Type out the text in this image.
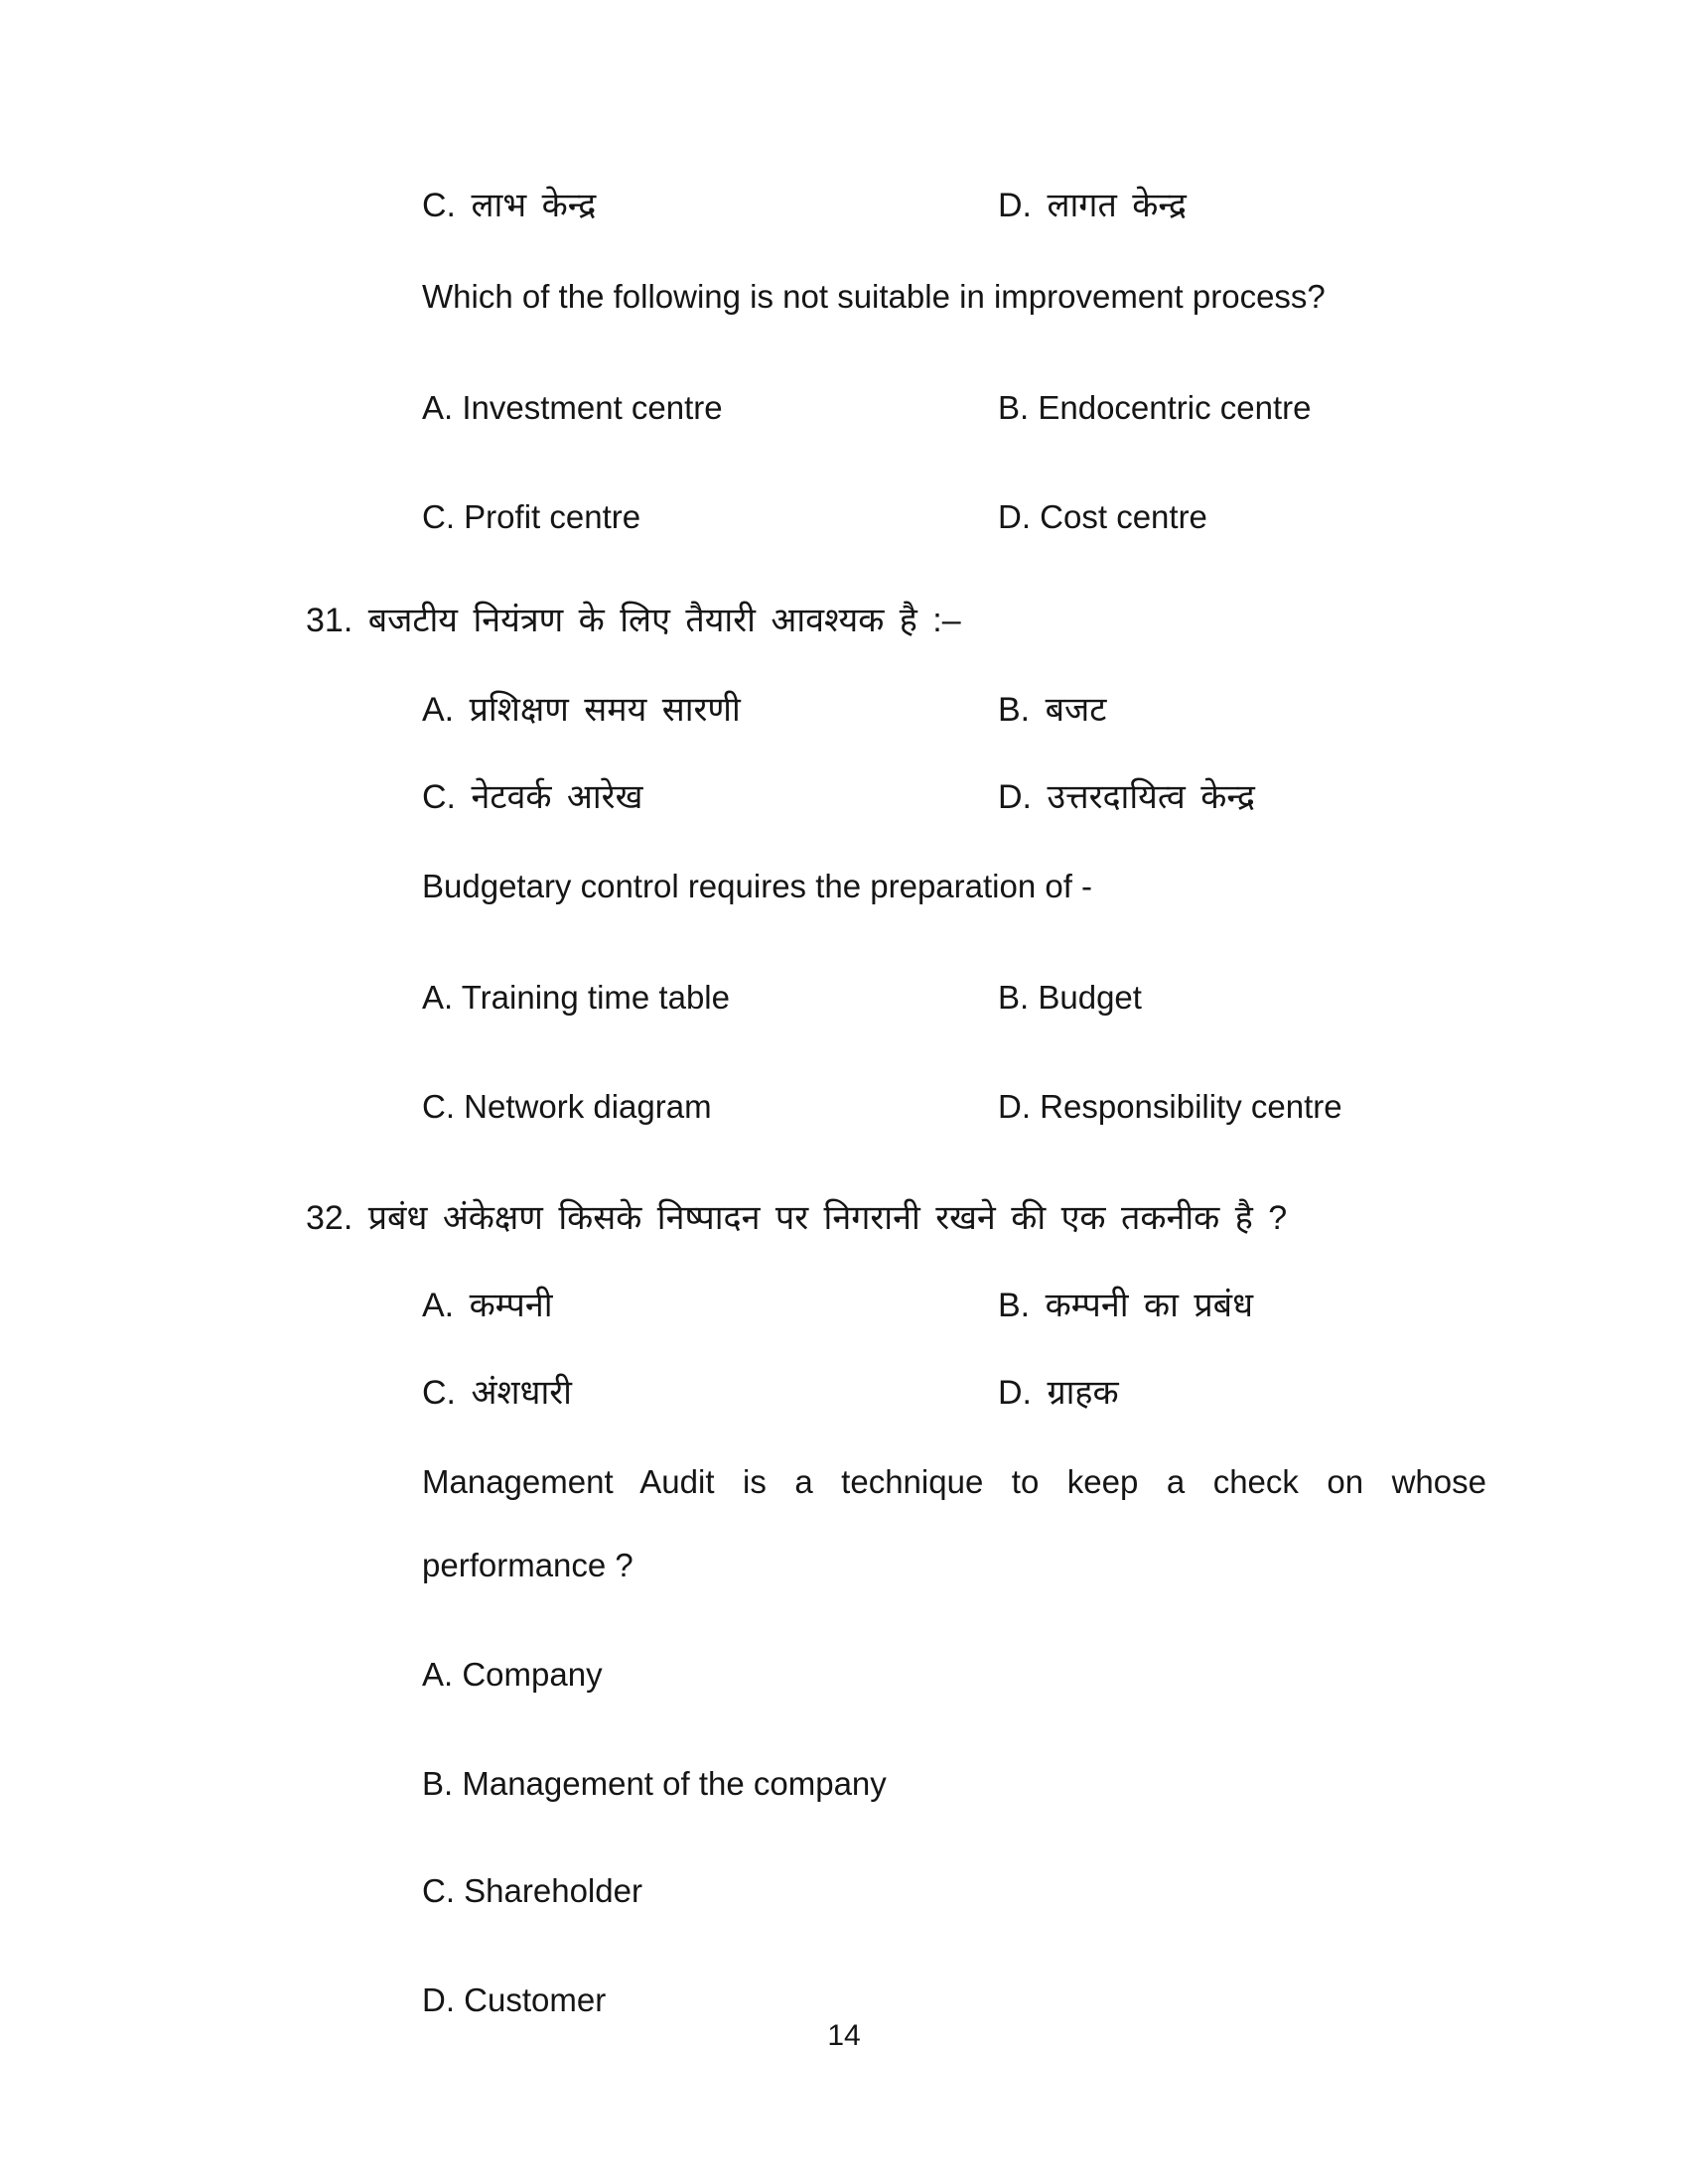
C. लाभ केन्द्र	D. लागत केन्द्र
Which of the following is not suitable in improvement process?
A. Investment centre	B. Endocentric centre
C. Profit centre	D. Cost centre
31. बजटीय नियंत्रण के लिए तैयारी आवश्यक है :–
A. प्रशिक्षण समय सारणी	B. बजट
C. नेटवर्क आरेख	D. उत्तरदायित्व केन्द्र
Budgetary control requires the preparation of -
A. Training time table	B. Budget
C. Network diagram	D. Responsibility centre
32. प्रबंध अंकेक्षण किसके निष्पादन पर निगरानी रखने की एक तकनीक है ?
A. कम्पनी	B. कम्पनी का प्रबंध
C. अंशधारी	D. ग्राहक
Management Audit is a technique to keep a check on whose
performance ?
A. Company
B. Management of the company
C. Shareholder
D. Customer
14
